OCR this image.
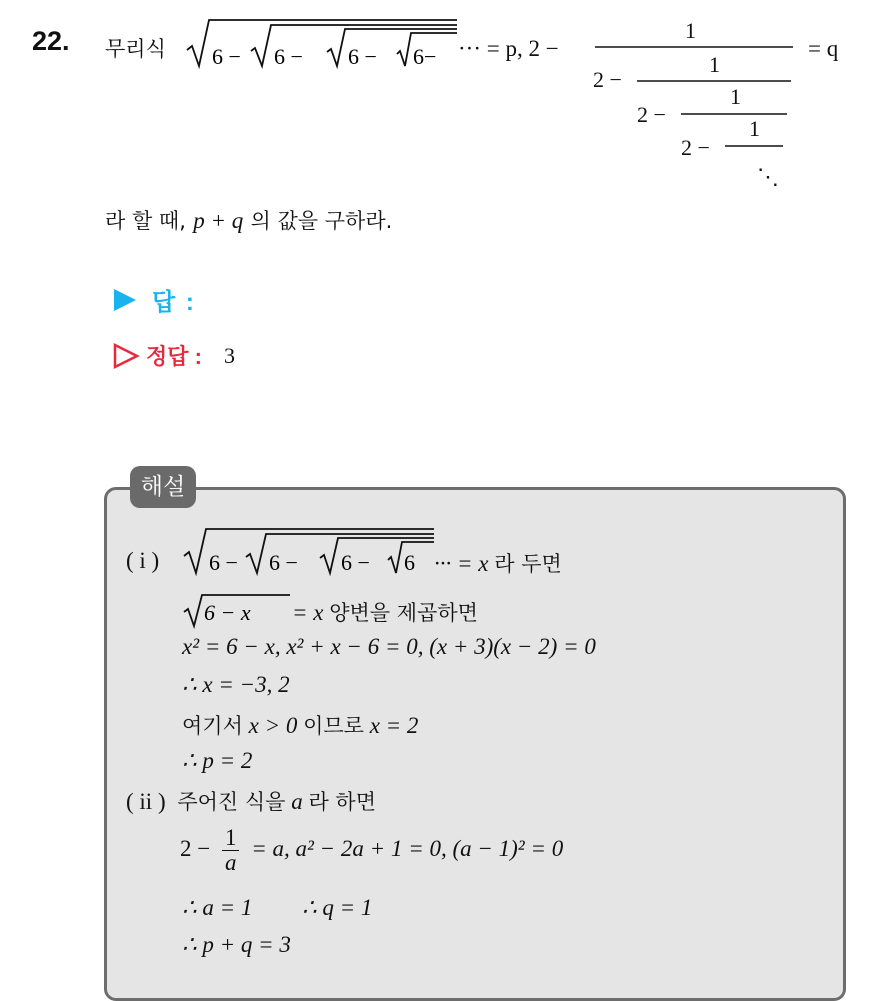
22. 무리식 6 − 6 − 6 − 6− ··· = p, 2 −
1
2 −
1
2 −
1
2 −
1
⋱
= q
라 할 때, p + q 의 값을 구하라.
답 :
정답 : 3
해설
( i ) 6 − 6 − 6 − 6 ··· = x 라 두면
6 − x = x 양변을 제곱하면
x² = 6 − x, x² + x − 6 = 0, (x + 3)(x − 2) = 0
∴ x = −3, 2
여기서 x > 0 이므로 x = 2
∴ p = 2
( ii ) 주어진 식을 a 라 하면
$2 - \frac{1}{a} = a$, a² − 2a + 1 = 0, (a − 1)² = 0
∴ a = 1 ∴ q = 1
∴ p + q = 3
